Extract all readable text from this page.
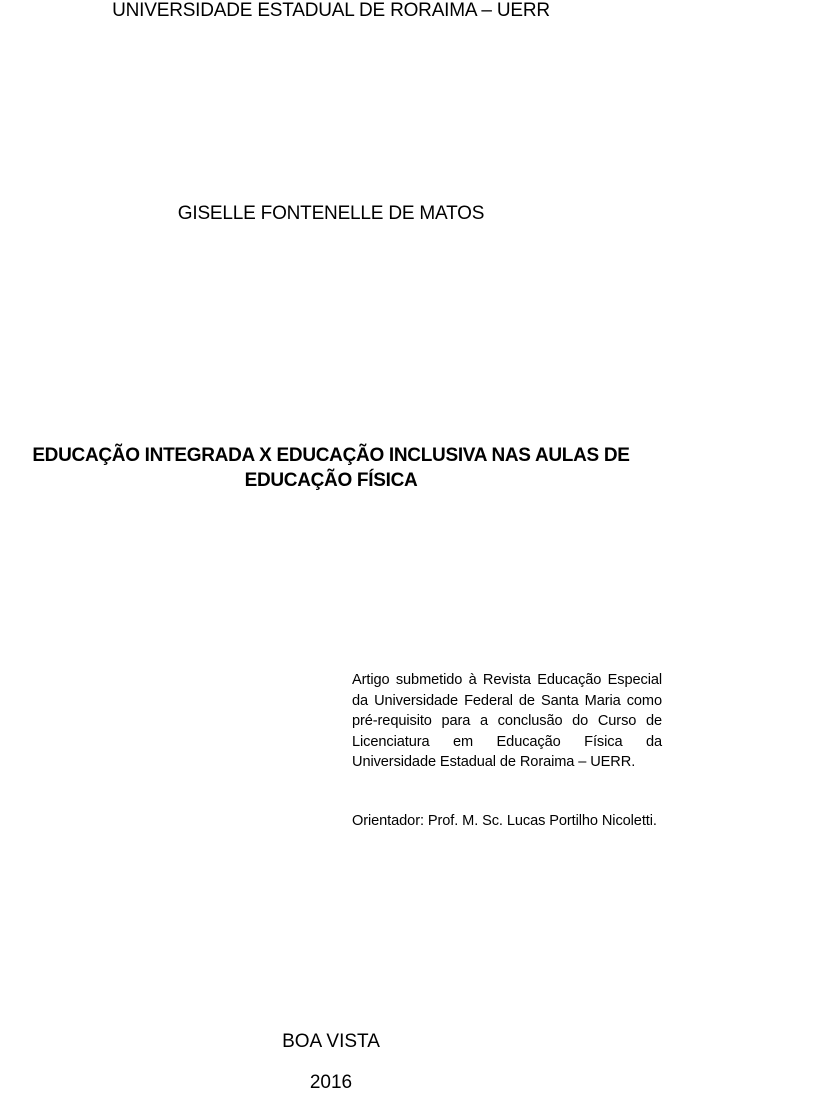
UNIVERSIDADE ESTADUAL DE RORAIMA – UERR
GISELLE FONTENELLE DE MATOS
EDUCAÇÃO INTEGRADA X EDUCAÇÃO INCLUSIVA NAS AULAS DE
EDUCAÇÃO FÍSICA
Artigo submetido à Revista Educação Especial da Universidade Federal de Santa Maria como pré-requisito para a conclusão do Curso de Licenciatura em Educação Física da Universidade Estadual de Roraima – UERR.
Orientador: Prof. M. Sc. Lucas Portilho Nicoletti.
BOA VISTA
2016
